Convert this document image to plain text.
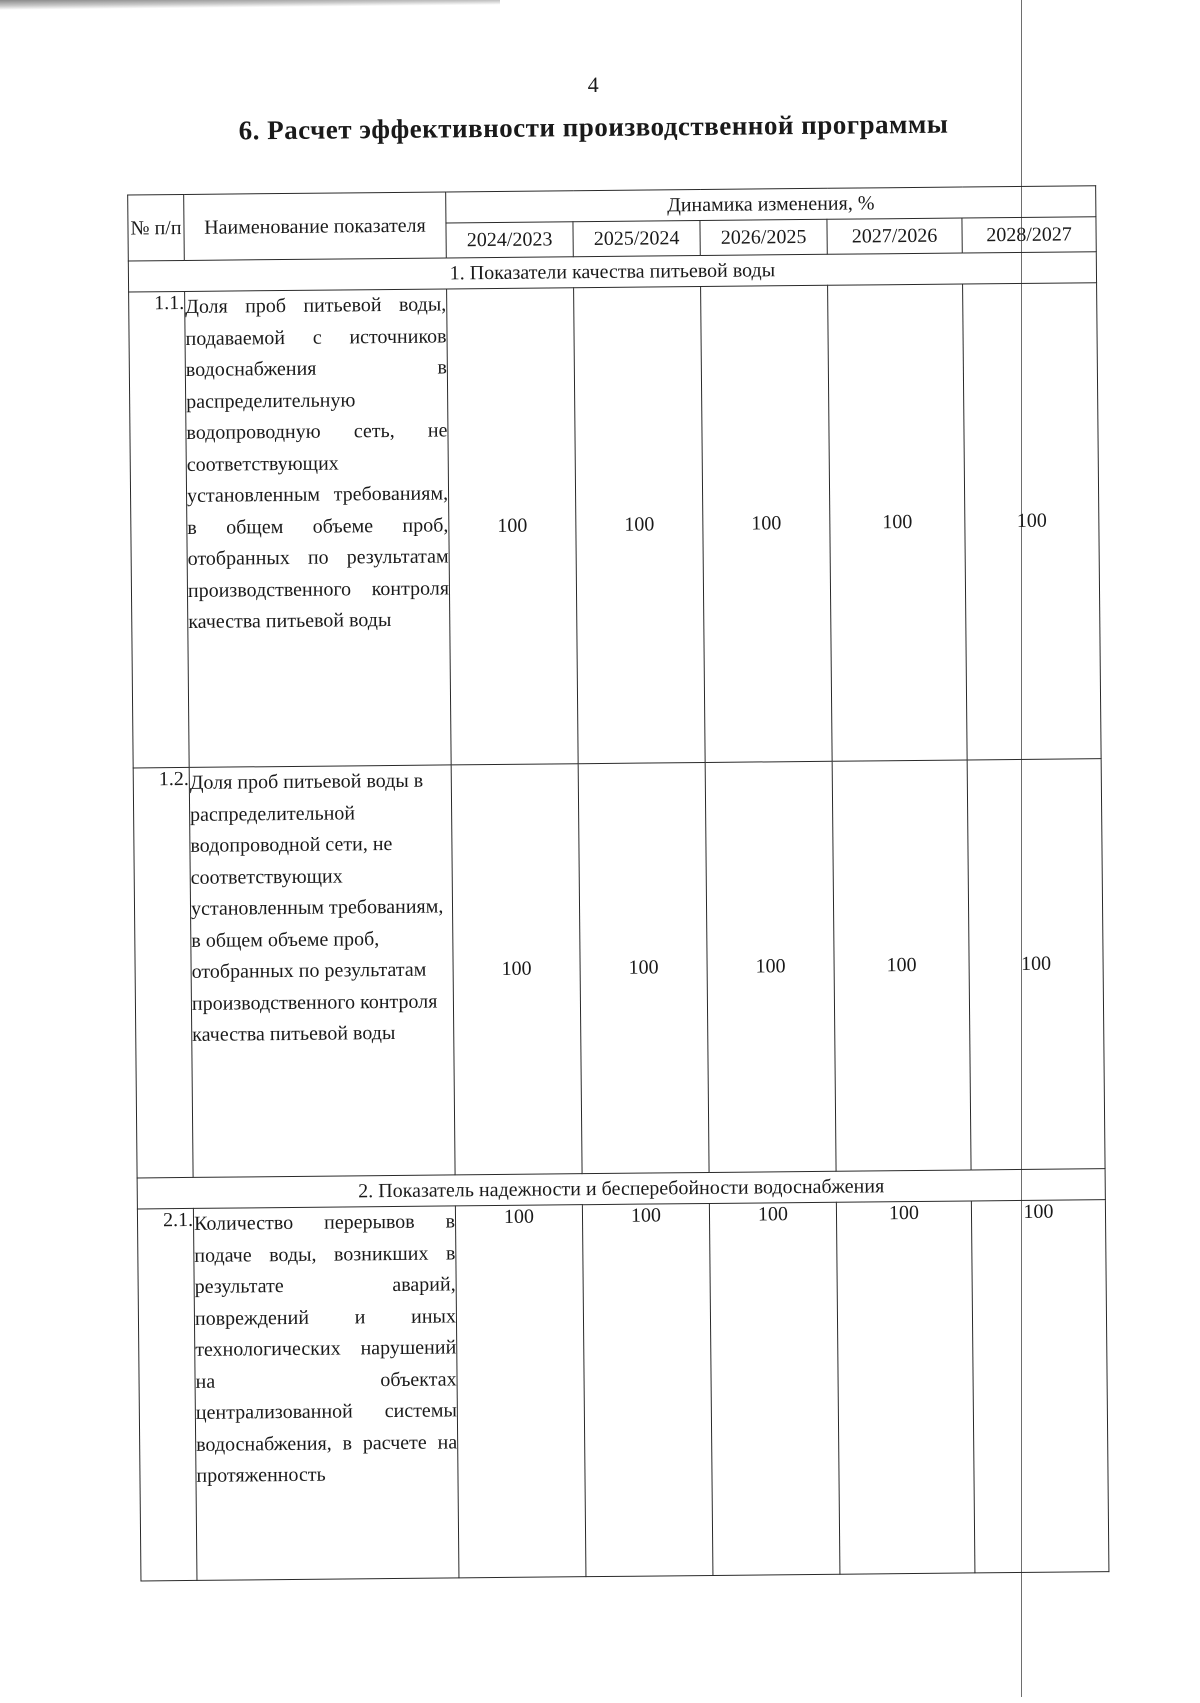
4
6. Расчет эффективности производственной программы
№ п/п	Наименование показателя	Динамика изменения, %				
		2024/2023	2025/2024	2026/2025	2027/2026	2028/2027
1. Показатели качества питьевой воды						
1.1.	Доля проб питьевой воды, подаваемой с источников водоснабжения в распределительную водопроводную сеть, не соответствующих установленным требованиям, в общем объеме проб, отобранных по результатам производственного контроля качества питьевой воды	100	100	100	100	100
1.2.	Доля проб питьевой воды в распределительной водопроводной сети, не соответствующих установленным требованиям, в общем объеме проб, отобранных по результатам производственного контроля качества питьевой воды	100	100	100	100	100
2. Показатель надежности и бесперебойности водоснабжения						
2.1.	Количество перерывов в подаче воды, возникших в результате аварий, повреждений и иных технологических нарушений на объектах централизованной системы водоснабжения, в расчете на протяженность	100	100	100	100	100
